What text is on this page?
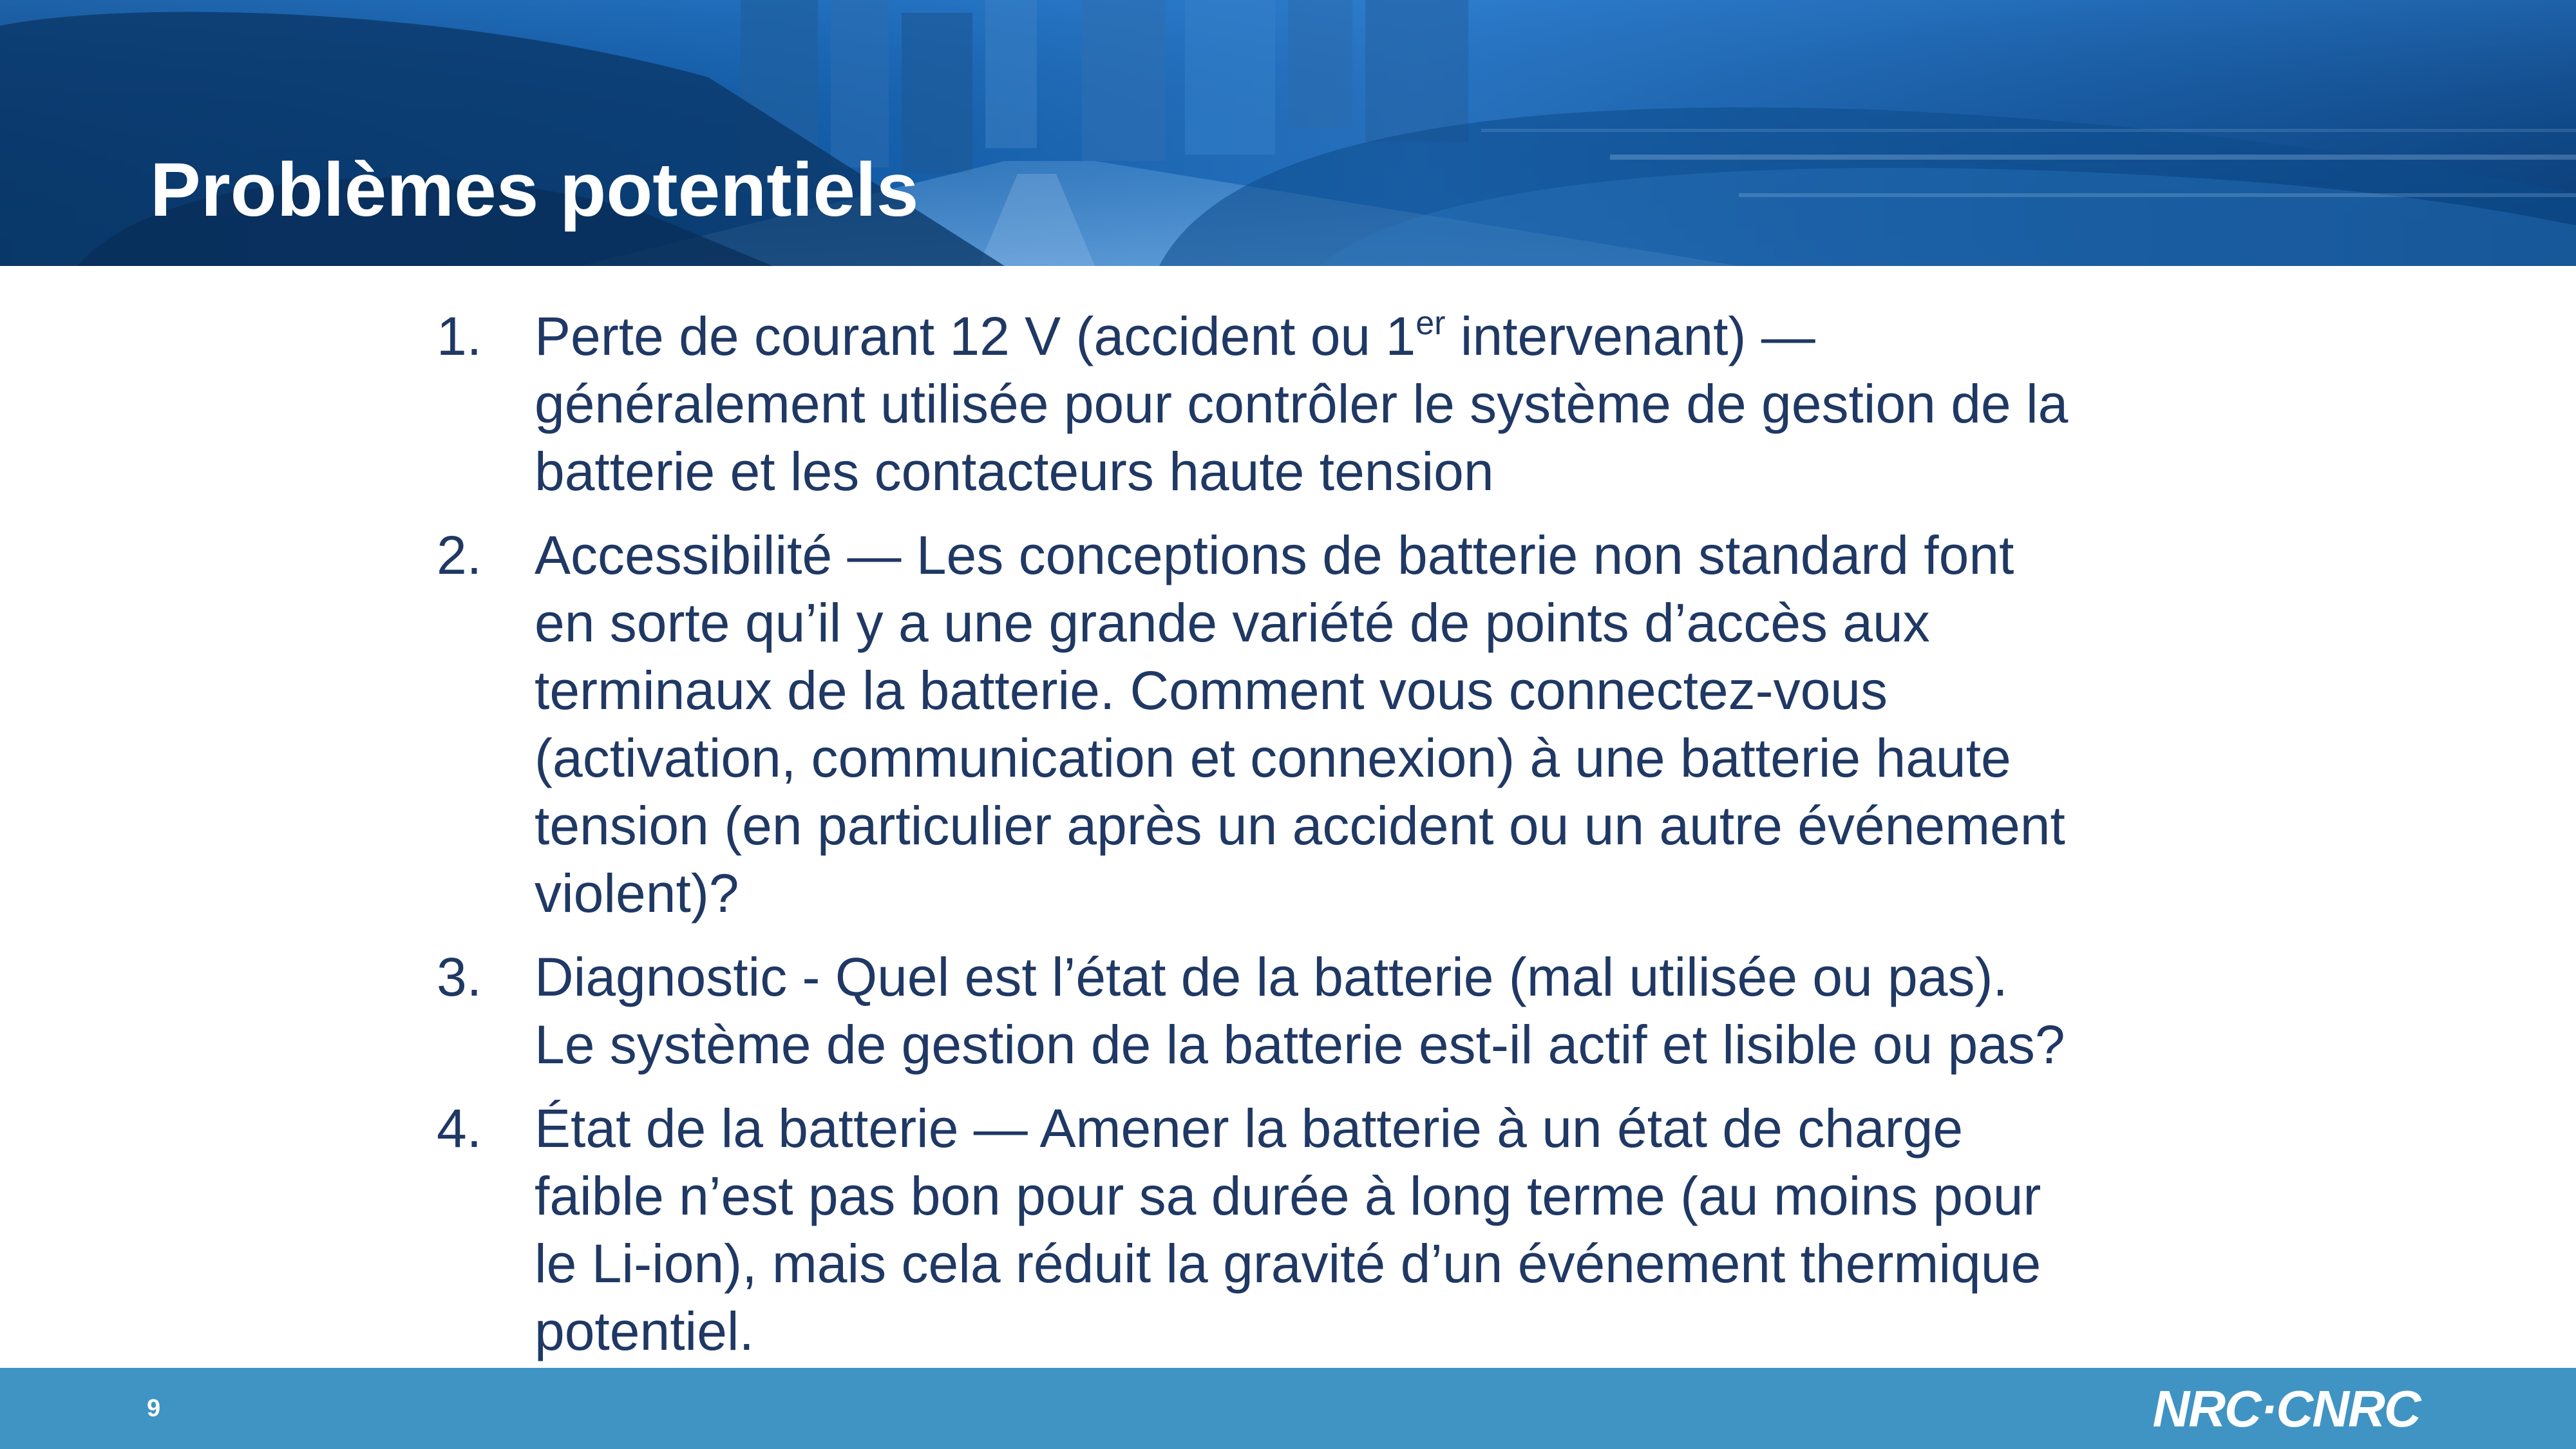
Problèmes potentiels
1. Perte de courant 12 V (accident ou 1er intervenant) —
généralement utilisée pour contrôler le système de gestion de la
batterie et les contacteurs haute tension
2. Accessibilité — Les conceptions de batterie non standard font
en sorte qu’il y a une grande variété de points d’accès aux
terminaux de la batterie. Comment vous connectez-vous
(activation, communication et connexion) à une batterie haute
tension (en particulier après un accident ou un autre événement
violent)?
3. Diagnostic - Quel est l’état de la batterie (mal utilisée ou pas).
Le système de gestion de la batterie est-il actif et lisible ou pas?
4. État de la batterie — Amener la batterie à un état de charge
faible n’est pas bon pour sa durée à long terme (au moins pour
le Li-ion), mais cela réduit la gravité d’un événement thermique
potentiel.
9	NRC·CNRC
